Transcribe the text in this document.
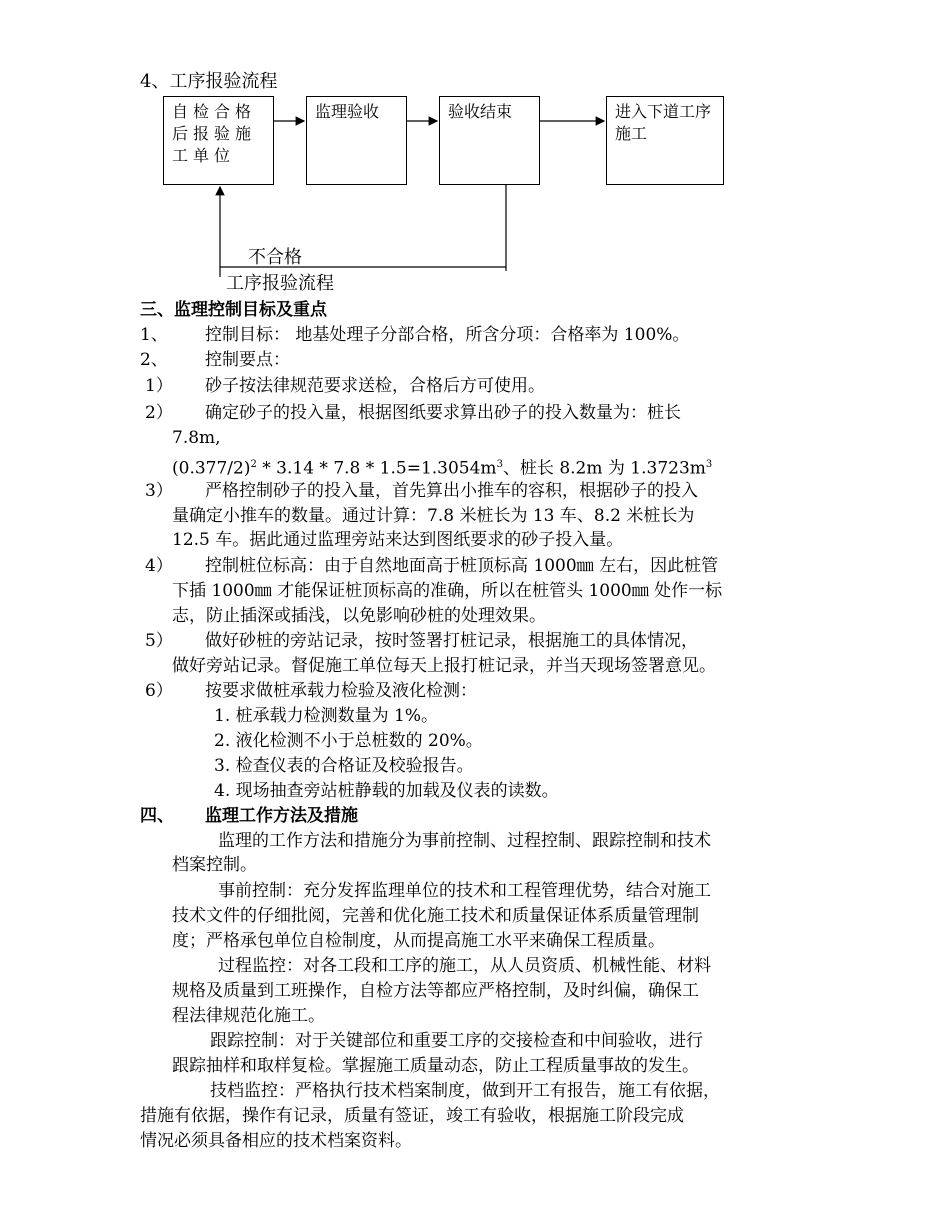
4、工序报验流程
自检合格后报验施工单位
监理验收	验收结束	进入下道工序施工
不合格
工序报验流程
三、监理控制目标及重点
1、 控制目标： 地基处理子分部合格，所含分项：合格率为 100%。
2、 控制要点：
1） 砂子按法律规范要求送检，合格后方可使用。
2） 确定砂子的投入量，根据图纸要求算出砂子的投入数量为：桩长
7.8m,
$(0.377/2)^2 * 3.14 * 7.8 * 1.5=1.3054m^3$、桩长 8.2m 为 $1.3723m^3$
3） 严格控制砂子的投入量，首先算出小推车的容积，根据砂子的投入
量确定小推车的数量。通过计算：7.8 米桩长为 13 车、8.2 米桩长为
12.5 车。据此通过监理旁站来达到图纸要求的砂子投入量。
4） 控制桩位标高：由于自然地面高于桩顶标高 1000㎜ 左右，因此桩管
下插 1000㎜ 才能保证桩顶标高的准确，所以在桩管头 1000㎜ 处作一标
志，防止插深或插浅，以免影响砂桩的处理效果。
5） 做好砂桩的旁站记录，按时签署打桩记录，根据施工的具体情况，
做好旁站记录。督促施工单位每天上报打桩记录，并当天现场签署意见。
6） 按要求做桩承载力检验及液化检测：
1. 桩承载力检测数量为 1%。
2. 液化检测不小于总桩数的 20%。
3. 检查仪表的合格证及校验报告。
4. 现场抽查旁站桩静载的加载及仪表的读数。
四、 监理工作方法及措施
监理的工作方法和措施分为事前控制、过程控制、跟踪控制和技术
档案控制。
事前控制：充分发挥监理单位的技术和工程管理优势，结合对施工
技术文件的仔细批阅，完善和优化施工技术和质量保证体系质量管理制
度；严格承包单位自检制度，从而提高施工水平来确保工程质量。
过程监控：对各工段和工序的施工，从人员资质、机械性能、材料
规格及质量到工班操作，自检方法等都应严格控制，及时纠偏，确保工
程法律规范化施工。
跟踪控制：对于关键部位和重要工序的交接检查和中间验收，进行
跟踪抽样和取样复检。掌握施工质量动态，防止工程质量事故的发生。
技档监控：严格执行技术档案制度，做到开工有报告，施工有依据，
措施有依据，操作有记录，质量有签证，竣工有验收，根据施工阶段完成
情况必须具备相应的技术档案资料。
